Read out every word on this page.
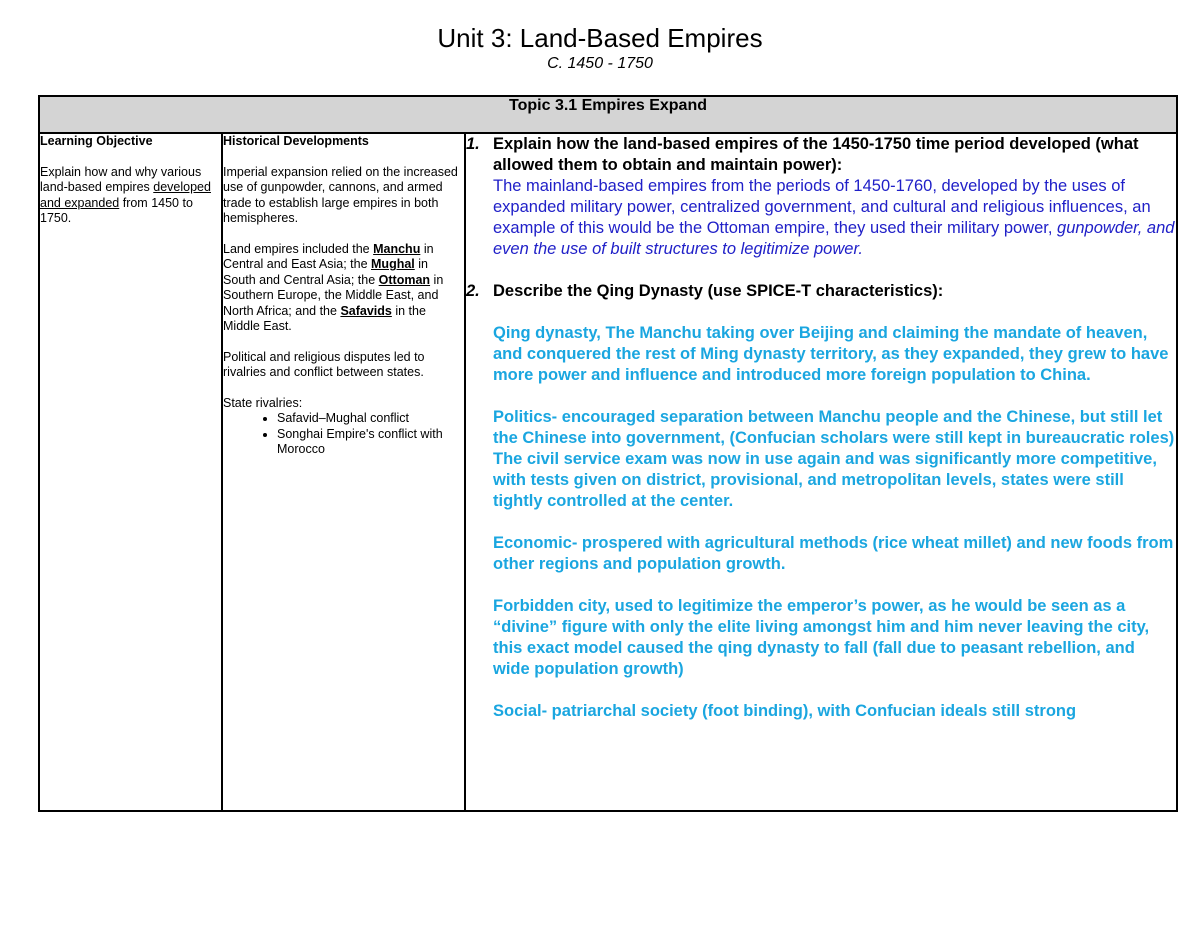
Unit 3: Land-Based Empires
C. 1450 - 1750
Topic 3.1 Empires Expand

Learning Objective
Explain how and why various land-based empires developed and expanded from 1450 to 1750.

Historical Developments
Imperial expansion relied on the increased use of gunpowder, cannons, and armed trade to establish large empires in both hemispheres.
Land empires included the Manchu in Central and East Asia; the Mughal in South and Central Asia; the Ottoman in Southern Europe, the Middle East, and North Africa; and the Safavids in the Middle East.
Political and religious disputes led to rivalries and conflict between states.
State rivalries:
• Safavid–Mughal conflict
• Songhai Empire's conflict with Morocco

1. Explain how the land-based empires of the 1450-1750 time period developed (what allowed them to obtain and maintain power):
The mainland-based empires from the periods of 1450-1760, developed by the uses of expanded military power, centralized government, and cultural and religious influences, an example of this would be the Ottoman empire, they used their military power, gunpowder, and even the use of built structures to legitimize power.
2. Describe the Qing Dynasty (use SPICE-T characteristics):
Qing dynasty, The Manchu taking over Beijing and claiming the mandate of heaven, and conquered the rest of Ming dynasty territory, as they expanded, they grew to have more power and influence and introduced more foreign population to China.
Politics- encouraged separation between Manchu people and the Chinese, but still let the Chinese into government, (Confucian scholars were still kept in bureaucratic roles) The civil service exam was now in use again and was significantly more competitive, with tests given on district, provisional, and metropolitan levels, states were still tightly controlled at the center.
Economic- prospered with agricultural methods (rice wheat millet) and new foods from other regions and population growth.
Forbidden city, used to legitimize the emperor’s power, as he would be seen as a “divine” figure with only the elite living amongst him and him never leaving the city, this exact model caused the qing dynasty to fall (fall due to peasant rebellion, and wide population growth)
Social- patriarchal society (foot binding), with Confucian ideals still strong
